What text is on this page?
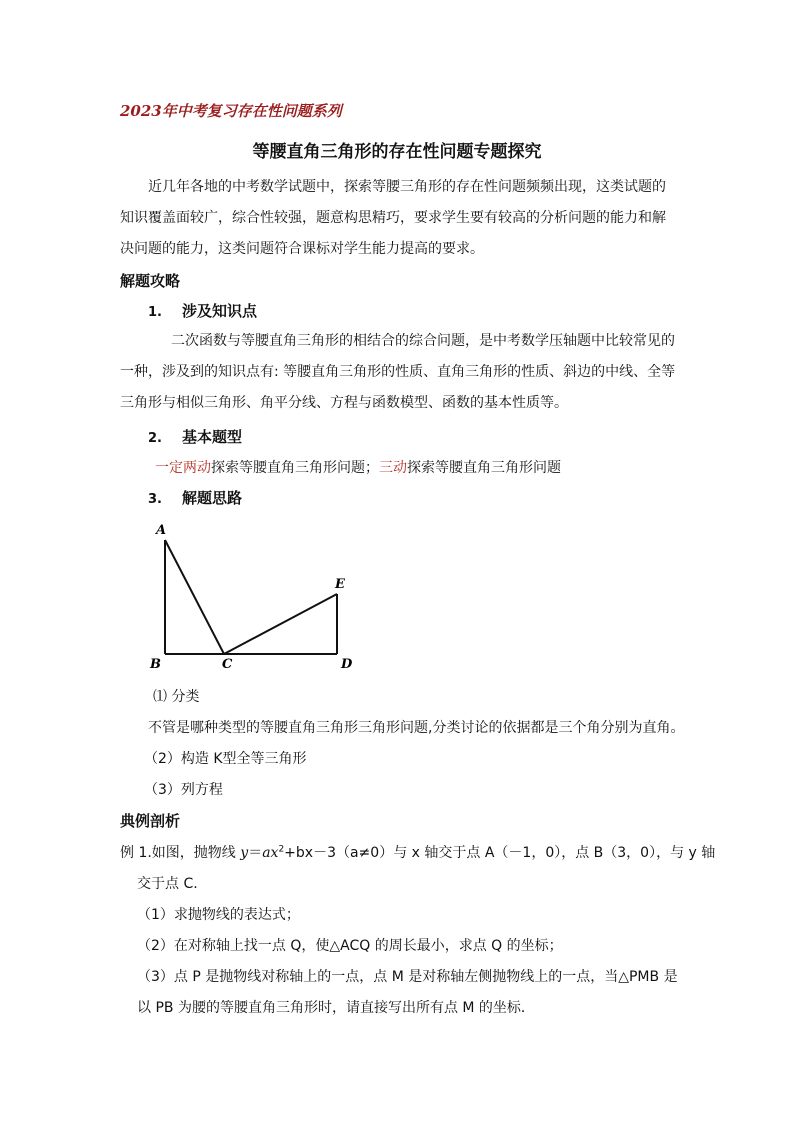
2023年中考复习存在性问题系列
等腰直角三角形的存在性问题专题探究
近几年各地的中考数学试题中，探索等腰三角形的存在性问题频频出现，这类试题的知识覆盖面较广，综合性较强，题意构思精巧，要求学生要有较高的分析问题的能力和解决问题的能力，这类问题符合课标对学生能力提高的要求。
解题攻略
1. 涉及知识点
二次函数与等腰直角三角形的相结合的综合问题，是中考数学压轴题中比较常见的
一种，涉及到的知识点有: 等腰直角三角形的性质、直角三角形的性质、斜边的中线、全等
三角形与相似三角形、角平分线、方程与函数模型、函数的基本性质等。
2. 基本题型
一定两动探索等腰直角三角形问题；三动探索等腰直角三角形问题
3. 解题思路
A
B	C	D
E
⑴ 分类
不管是哪种类型的等腰直角三角形三角形问题,分类讨论的依据都是三个角分别为直角。
（2）构造 K型全等三角形
（3）列方程
典例剖析
例 1.如图，抛物线 $y=ax^2+bx-3(a\ne 0)$与 x 轴交于点 A（－1，0），点 B（3，0），与 y 轴
交于点 C.
（1）求抛物线的表达式；
（2）在对称轴上找一点 Q，使△ACQ 的周长最小，求点 Q 的坐标；
（3）点 P 是抛物线对称轴上的一点，点 M 是对称轴左侧抛物线上的一点，当△PMB 是
以 PB 为腰的等腰直角三角形时，请直接写出所有点 M 的坐标．
